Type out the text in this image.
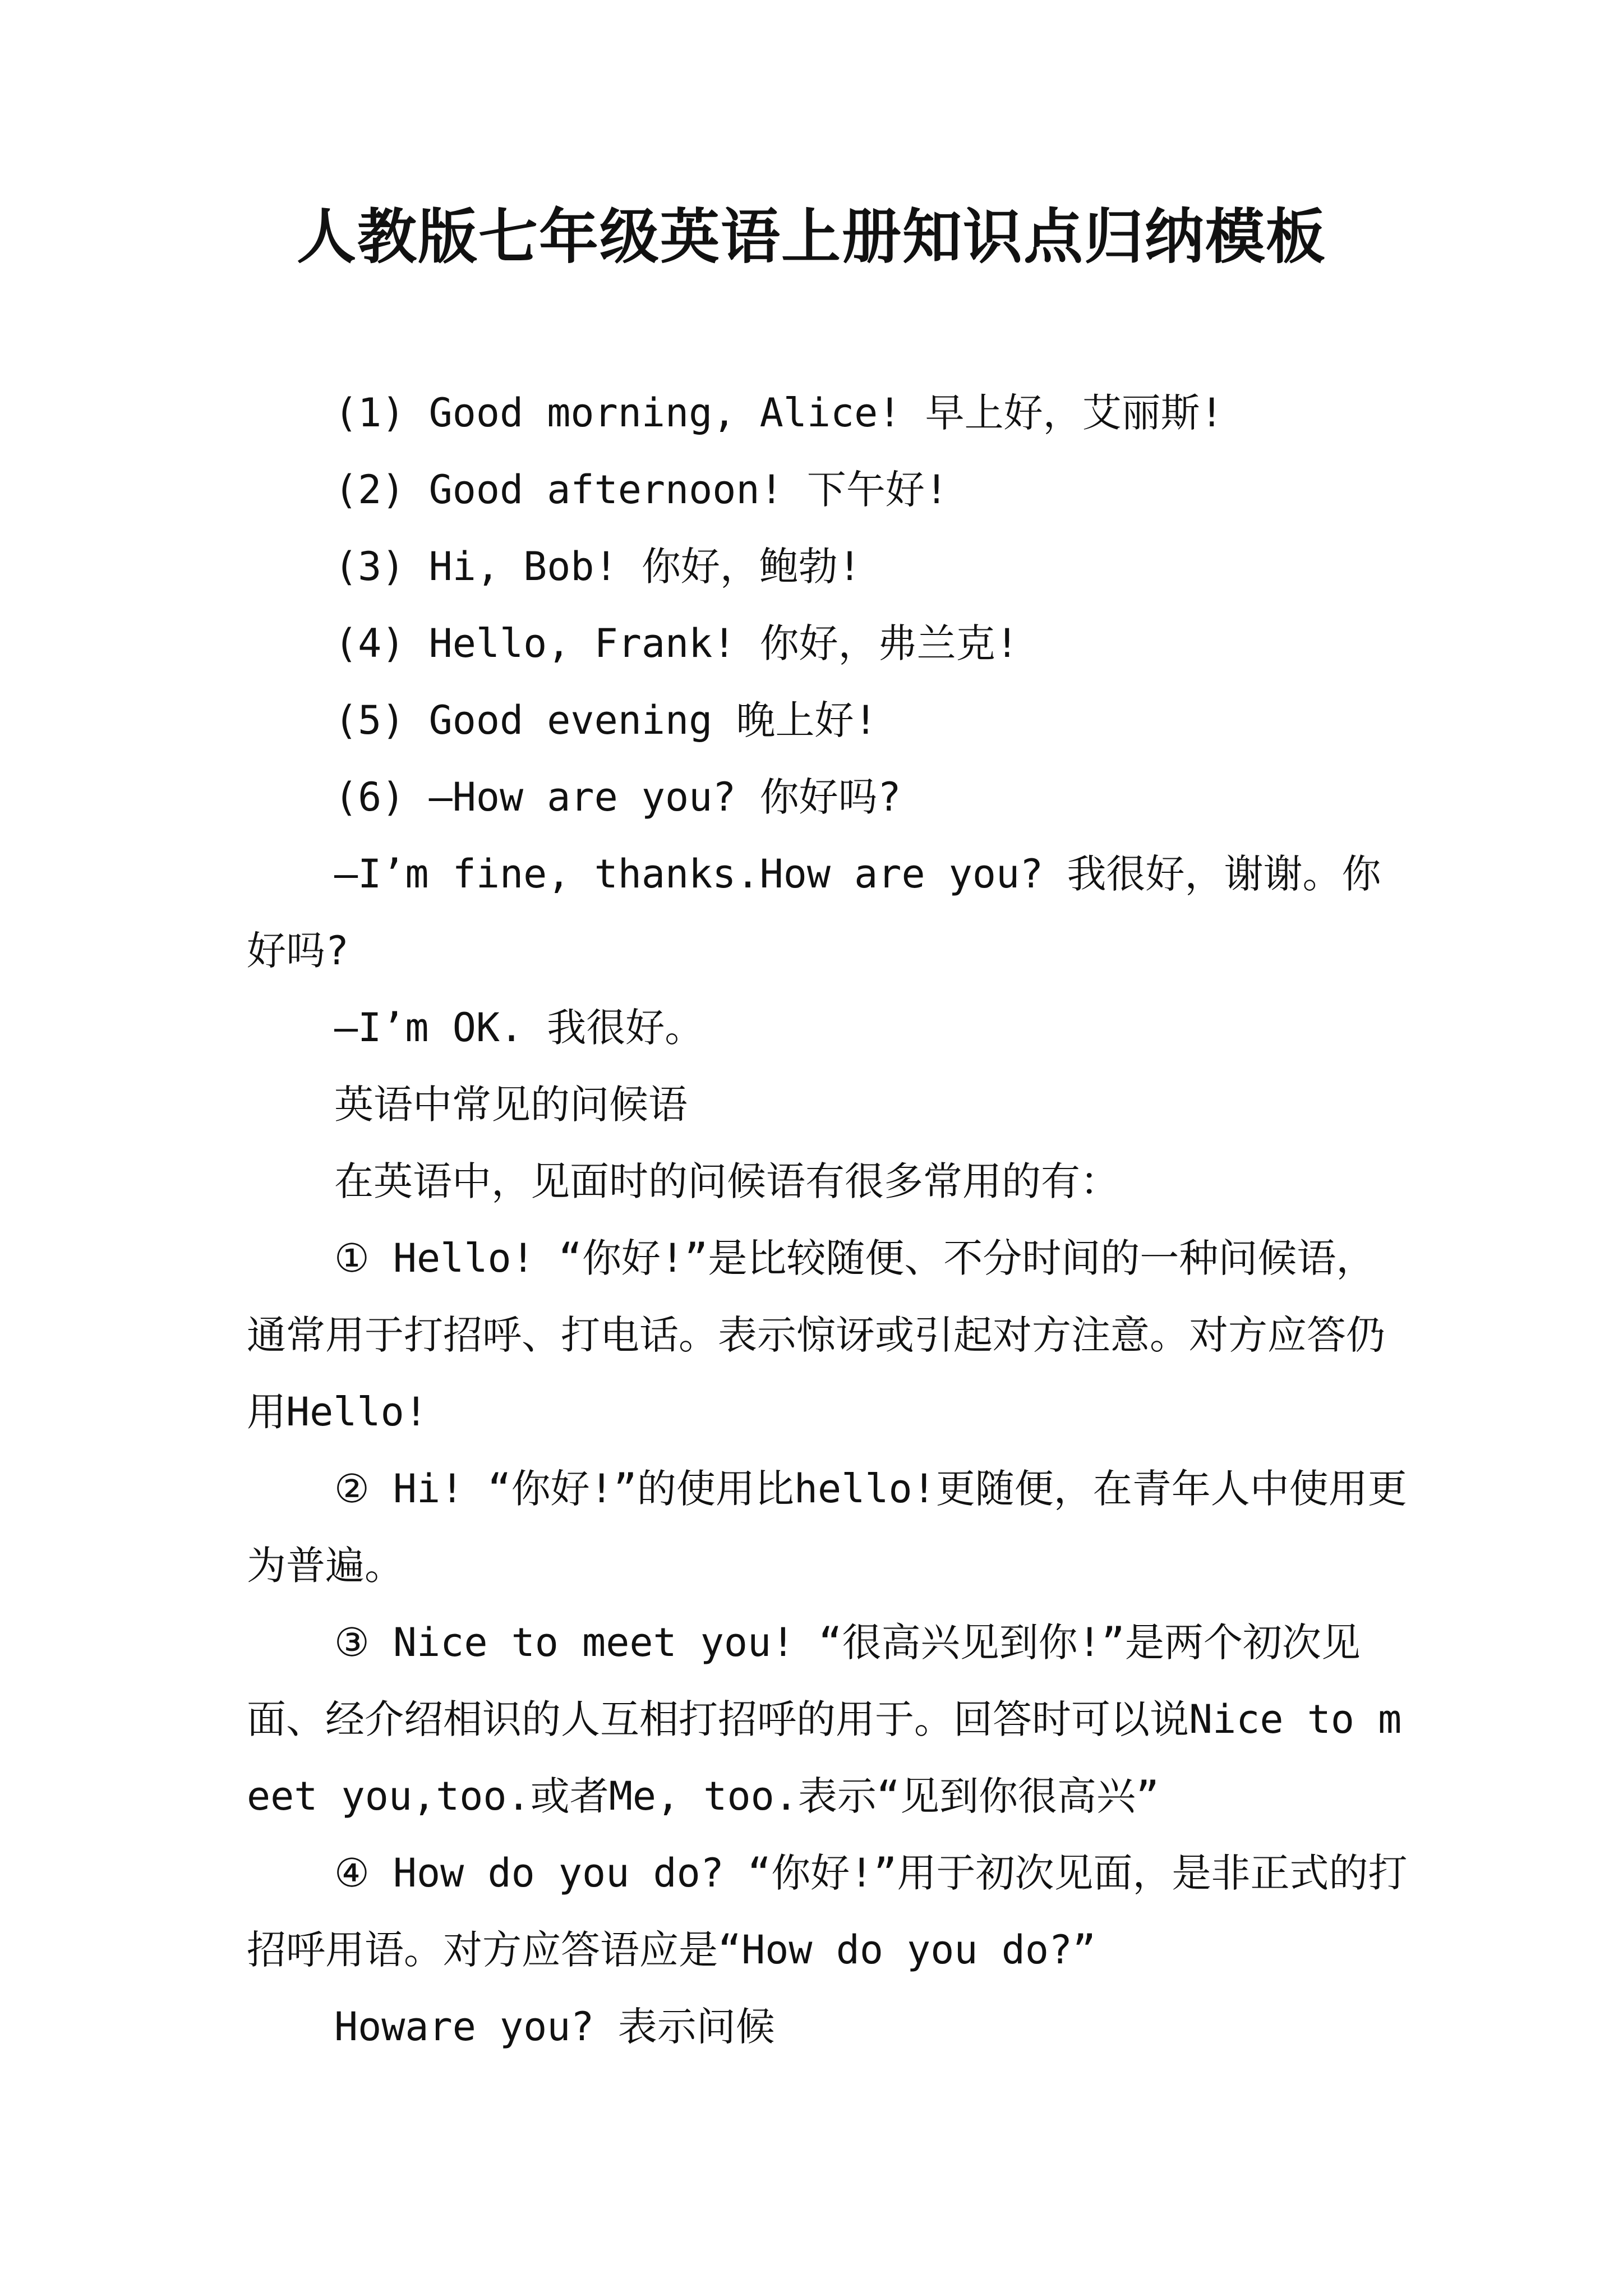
人教版七年级英语上册知识点归纳模板

(1) Good morning, Alice! 早上好，艾丽斯!

(2) Good afternoon! 下午好!

(3) Hi, Bob! 你好，鲍勃!

(4) Hello, Frank! 你好，弗兰克!

(5) Good evening 晚上好!

(6) —How are you? 你好吗?

—I’m fine, thanks.How are you? 我很好，谢谢。你好吗?

—I’m OK. 我很好。

英语中常见的问候语

在英语中，见面时的问候语有很多常用的有：

① Hello! “你好!”是比较随便、不分时间的一种问候语，通常用于打招呼、打电话。表示惊讶或引起对方注意。对方应答仍用Hello!

② Hi! “你好!”的使用比hello!更随便，在青年人中使用更为普遍。

③ Nice to meet you! “很高兴见到你!”是两个初次见面、经介绍相识的人互相打招呼的用于。回答时可以说Nice to meet you,too.或者Me, too.表示“见到你很高兴”

④ How do you do? “你好!”用于初次见面，是非正式的打招呼用语。对方应答语应是“How do you do?”

Howare you? 表示问候
